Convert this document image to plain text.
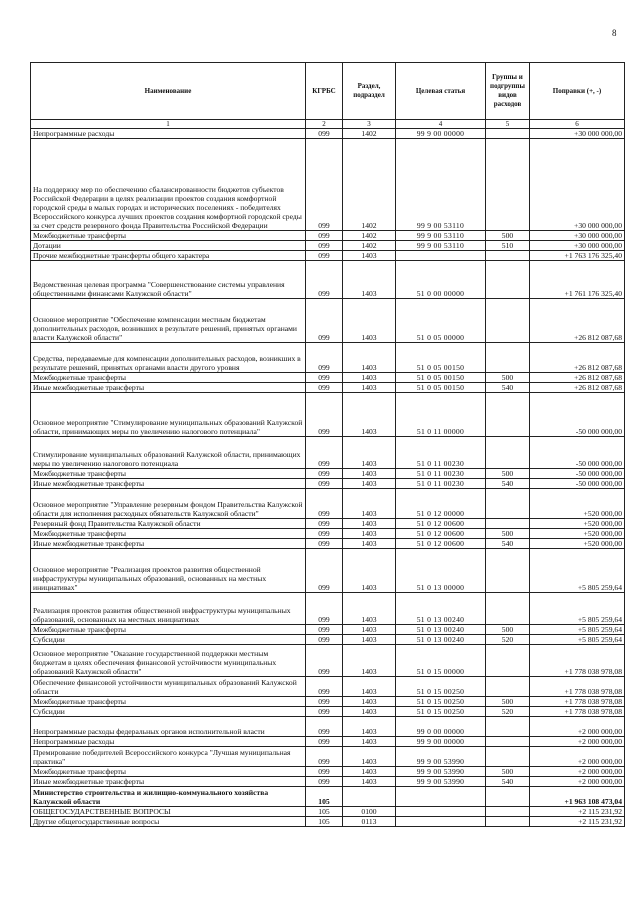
8
Наименование	КГРБС	Раздел, подраздел	Целевая статья	Группы и подгруппы видов расходов	Поправки (+, -)
1	2	3	4	5	6
Непрограммные расходы	099	1402	99 9 00 00000		+30 000 000,00
На поддержку мер по обеспечению сбалансированности бюджетов субъектов Российской Федерации в целях реализации проектов создания комфортной городской среды в малых городах и исторических поселениях - победителях Всероссийского конкурса лучших проектов создания комфортной городской среды за счет средств резервного фонда Правительства Российской Федерации	099	1402	99 9 00 53110		+30 000 000,00
Межбюджетные трансферты	099	1402	99 9 00 53110	500	+30 000 000,00
Дотации	099	1402	99 9 00 53110	510	+30 000 000,00
Прочие межбюджетные трансферты общего характера	099	1403			+1 763 176 325,40
Ведомственная целевая программа "Совершенствование системы управления общественными финансами Калужской области"	099	1403	51 0 00 00000		+1 761 176 325,40
Основное мероприятие "Обеспечение компенсации местным бюджетам дополнительных расходов, возникших в результате решений, принятых органами власти Калужской области"	099	1403	51 0 05 00000		+26 812 087,68
Средства, передаваемые для компенсации дополнительных расходов, возникших в результате решений, принятых органами власти другого уровня	099	1403	51 0 05 00150		+26 812 087,68
Межбюджетные трансферты	099	1403	51 0 05 00150	500	+26 812 087,68
Иные межбюджетные трансферты	099	1403	51 0 05 00150	540	+26 812 087,68
Основное мероприятие "Стимулирование муниципальных образований Калужской области, принимающих меры по увеличению налогового потенциала"	099	1403	51 0 11 00000		-50 000 000,00
Стимулирование муниципальных образований Калужской области, принимающих меры по увеличению налогового потенциала	099	1403	51 0 11 00230		-50 000 000,00
Межбюджетные трансферты	099	1403	51 0 11 00230	500	-50 000 000,00
Иные межбюджетные трансферты	099	1403	51 0 11 00230	540	-50 000 000,00
Основное мероприятие "Управление резервным фондом Правительства Калужской области для исполнения расходных обязательств Калужской области"	099	1403	51 0 12 00000		+520 000,00
Резервный фонд Правительства Калужской области	099	1403	51 0 12 00600		+520 000,00
Межбюджетные трансферты	099	1403	51 0 12 00600	500	+520 000,00
Иные межбюджетные трансферты	099	1403	51 0 12 00600	540	+520 000,00
Основное мероприятие "Реализация проектов развития общественной инфраструктуры муниципальных образований, основанных на местных инициативах"	099	1403	51 0 13 00000		+5 805 259,64
Реализация проектов развития общественной инфраструктуры муниципальных образований, основанных на местных инициативах	099	1403	51 0 13 00240		+5 805 259,64
Межбюджетные трансферты	099	1403	51 0 13 00240	500	+5 805 259,64
Субсидии	099	1403	51 0 13 00240	520	+5 805 259,64
Основное мероприятие "Оказание государственной поддержки местным бюджетам в целях обеспечения финансовой устойчивости муниципальных образований Калужской области"	099	1403	51 0 15 00000		+1 778 038 978,08
Обеспечение финансовой устойчивости муниципальных образований Калужской области	099	1403	51 0 15 00250		+1 778 038 978,08
Межбюджетные трансферты	099	1403	51 0 15 00250	500	+1 778 038 978,08
Субсидии	099	1403	51 0 15 00250	520	+1 778 038 978,08
Непрограммные расходы федеральных органов исполнительной власти	099	1403	99 0 00 00000		+2 000 000,00
Непрограммные расходы	099	1403	99 9 00 00000		+2 000 000,00
Премирование победителей Всероссийского конкурса "Лучшая муниципальная практика"	099	1403	99 9 00 53990		+2 000 000,00
Межбюджетные трансферты	099	1403	99 9 00 53990	500	+2 000 000,00
Иные межбюджетные трансферты	099	1403	99 9 00 53990	540	+2 000 000,00
Министерство строительства и жилищно-коммунального хозяйства Калужской области	105				+1 963 108 473,04
ОБЩЕГОСУДАРСТВЕННЫЕ ВОПРОСЫ	105	0100			+2 115 231,92
Другие общегосударственные вопросы	105	0113			+2 115 231,92
